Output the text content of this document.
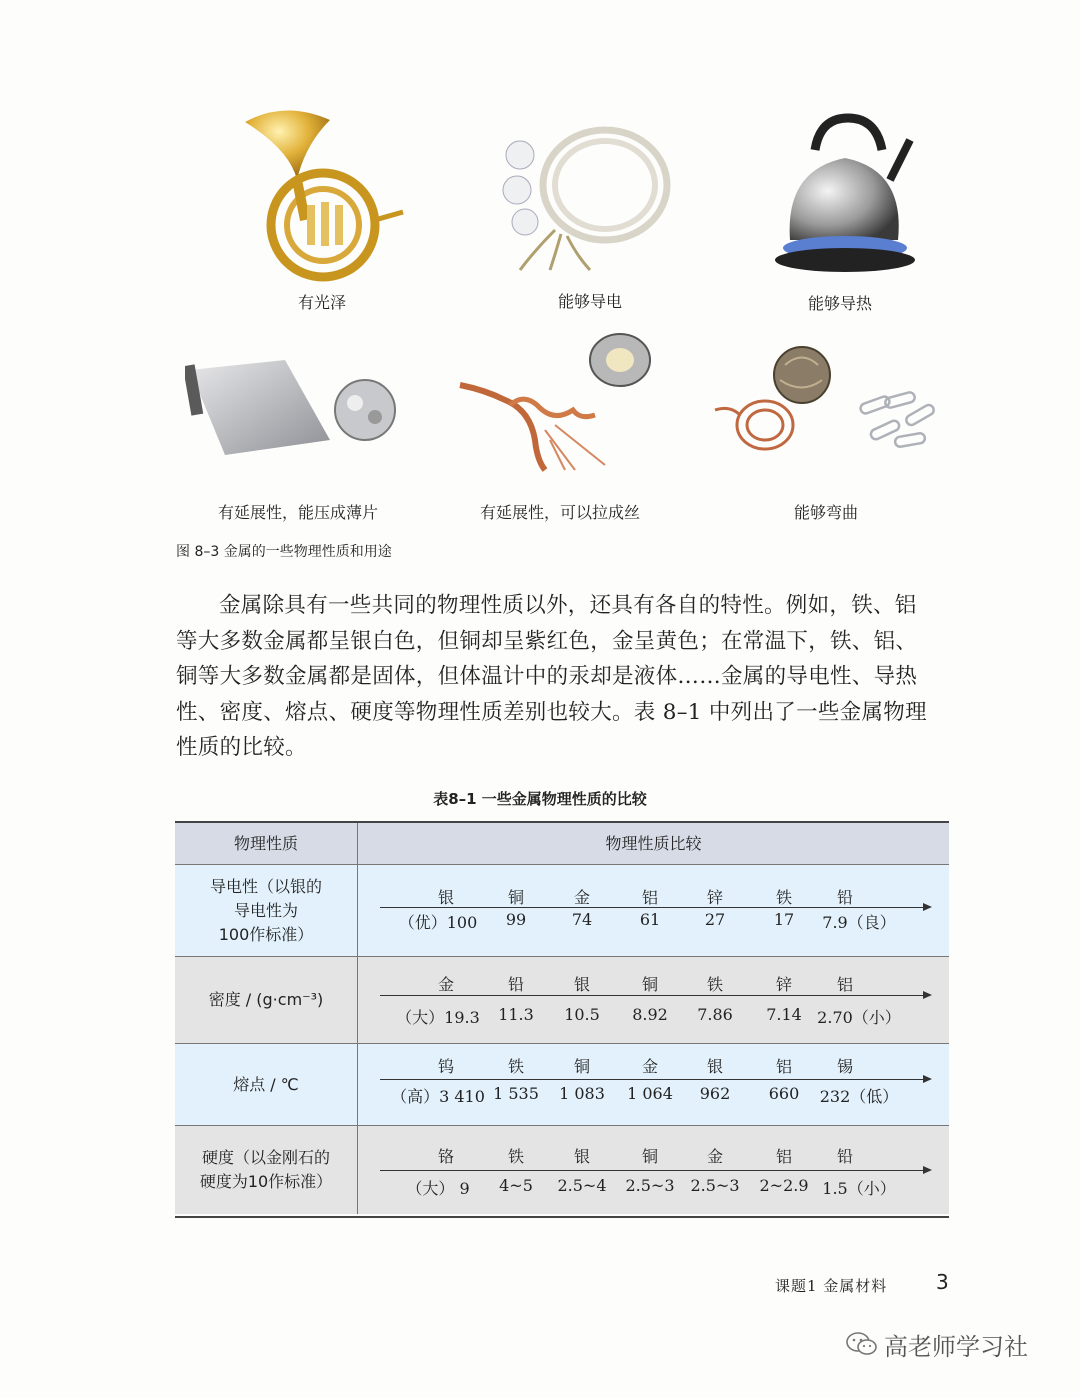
有光泽	能够导电	能够导热
有延展性，能压成薄片	有延展性，可以拉成丝	能够弯曲
图 8–3 金属的一些物理性质和用途
金属除具有一些共同的物理性质以外，还具有各自的特性。例如，铁、铝
等大多数金属都呈银白色，但铜却呈紫红色，金呈黄色；在常温下，铁、铝、
铜等大多数金属都是固体，但体温计中的汞却是液体……金属的导电性、导热
性、密度、熔点、硬度等物理性质差别也较大。表 8–1 中列出了一些金属物理
性质的比较。
表8–1 一些金属物理性质的比较
物理性质	物理性质比较
导电性（以银的
导电性为
100作标准）
银	铜	金	铝	锌	铁	铅
（优）100 99	74	61	27	17 7.9（良）
密度 / (g·cm⁻³)
金	铅	银	铜	铁	锌	铝
（大）19.3 11.3 10.5 8.92 7.86 7.14 2.70（小）
熔点 / ℃
钨	铁	铜	金	银	铝	锡
（高）3 410 1 535 1 083 1 064 962 660 232（低）
硬度（以金刚石的
硬度为10作标准）
铬	铁	银	铜	金	铝	铅
（大） 9 4~5 2.5~4 2.5~3 2.5~3 2~2.9 1.5（小）
课题1 金属材料 3
高老师学习社
